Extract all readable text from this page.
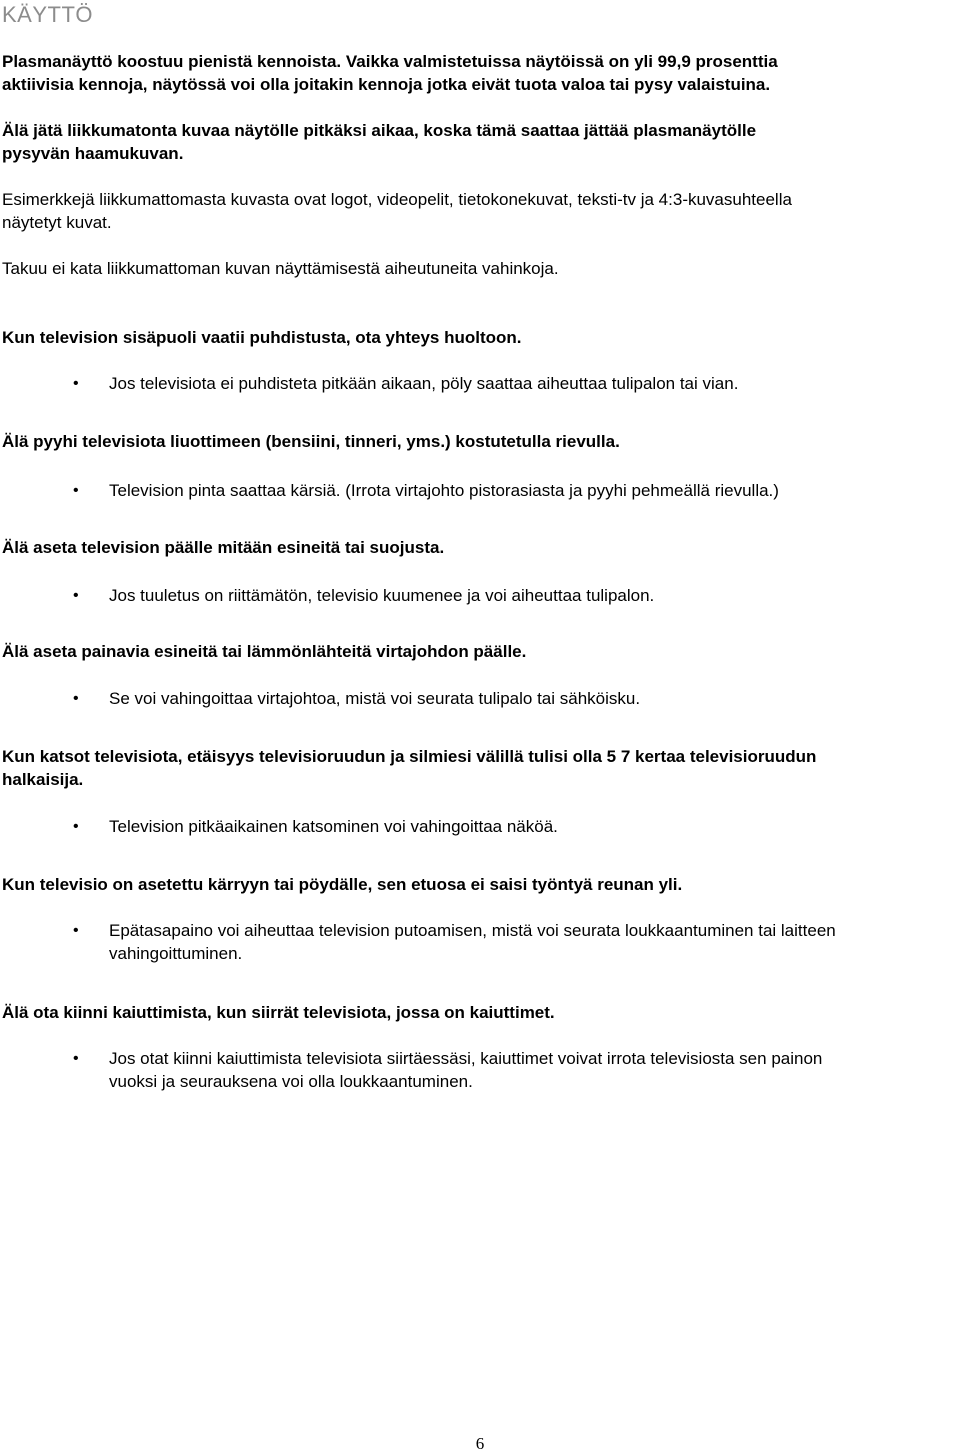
KÄYTTÖ

Plasmanäyttö koostuu pienistä kennoista. Vaikka valmistetuissa näytöissä on yli 99,9 prosenttia
aktiivisia kennoja, näytössä voi olla joitakin kennoja jotka eivät tuota valoa tai pysy valaistuina.

Älä jätä liikkumatonta kuvaa näytölle pitkäksi aikaa, koska tämä saattaa jättää plasmanäytölle
pysyvän haamukuvan.

Esimerkkejä liikkumattomasta kuvasta ovat logot, videopelit, tietokonekuvat, teksti-tv ja 4:3-kuvasuhteella
näytetyt kuvat.

Takuu ei kata liikkumattoman kuvan näyttämisestä aiheutuneita vahinkoja.

Kun television sisäpuoli vaatii puhdistusta, ota yhteys huoltoon.

• Jos televisiota ei puhdisteta pitkään aikaan, pöly saattaa aiheuttaa tulipalon tai vian.

Älä pyyhi televisiota liuottimeen (bensiini, tinneri, yms.) kostutetulla rievulla.

• Television pinta saattaa kärsiä. (Irrota virtajohto pistorasiasta ja pyyhi pehmeällä rievulla.)

Älä aseta television päälle mitään esineitä tai suojusta.

• Jos tuuletus on riittämätön, televisio kuumenee ja voi aiheuttaa tulipalon.

Älä aseta painavia esineitä tai lämmönlähteitä virtajohdon päälle.

• Se voi vahingoittaa virtajohtoa, mistä voi seurata tulipalo tai sähköisku.

Kun katsot televisiota, etäisyys televisioruudun ja silmiesi välillä tulisi olla 5 7 kertaa televisioruudun
halkaisija.

• Television pitkäaikainen katsominen voi vahingoittaa näköä.

Kun televisio on asetettu kärryyn tai pöydälle, sen etuosa ei saisi työntyä reunan yli.

• Epätasapaino voi aiheuttaa television putoamisen, mistä voi seurata loukkaantuminen tai laitteen
vahingoittuminen.

Älä ota kiinni kaiuttimista, kun siirrät televisiota, jossa on kaiuttimet.

• Jos otat kiinni kaiuttimista televisiota siirtäessäsi, kaiuttimet voivat irrota televisiosta sen painon
vuoksi ja seurauksena voi olla loukkaantuminen.
6
